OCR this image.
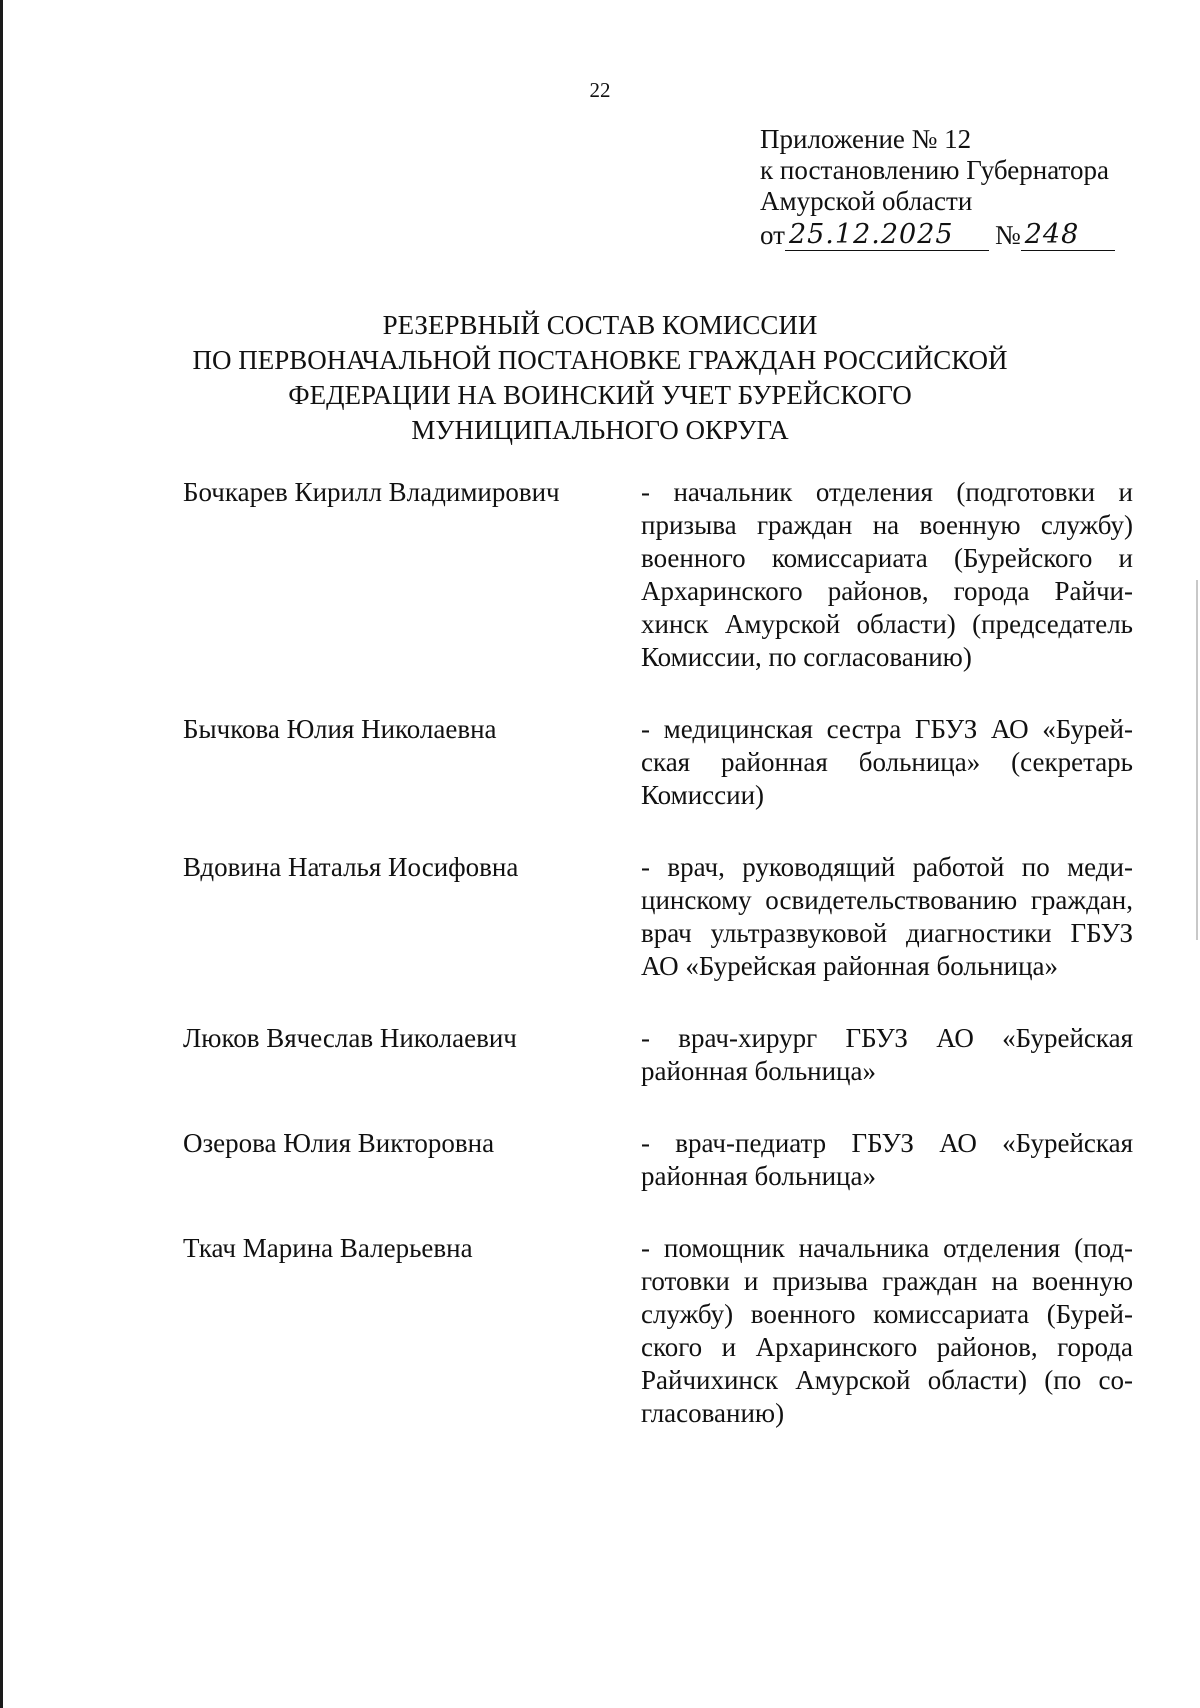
22
Приложение № 12
к постановлению Губернатора
Амурской области
от 25.12.2025	№ 248
РЕЗЕРВНЫЙ СОСТАВ КОМИССИИ
ПО ПЕРВОНАЧАЛЬНОЙ ПОСТАНОВКЕ ГРАЖДАН РОССИЙСКОЙ
ФЕДЕРАЦИИ НА ВОИНСКИЙ УЧЕТ БУРЕЙСКОГО
МУНИЦИПАЛЬНОГО ОКРУГА
Бочкарев Кирилл Владимирович	- начальник отделения (подготовки и призыва граждан на военную службу) военного комиссариата (Бурейского и Архаринского районов, города Райчихинск Амурской области) (председатель Комиссии, по согласованию)
Бычкова Юлия Николаевна	- медицинская сестра ГБУЗ АО «Бурейская районная больница» (секретарь Комиссии)
Вдовина Наталья Иосифовна	- врач, руководящий работой по медицинскому освидетельствованию граждан, врач ультразвуковой диагностики ГБУЗ АО «Бурейская районная больница»
Люков Вячеслав Николаевич	- врач-хирург ГБУЗ АО «Бурейская районная больница»
Озерова Юлия Викторовна	- врач-педиатр ГБУЗ АО «Бурейская районная больница»
Ткач Марина Валерьевна	- помощник начальника отделения (подготовки и призыва граждан на военную службу) военного комиссариата (Бурейского и Архаринского районов, города Райчихинск Амурской области) (по согласованию)
